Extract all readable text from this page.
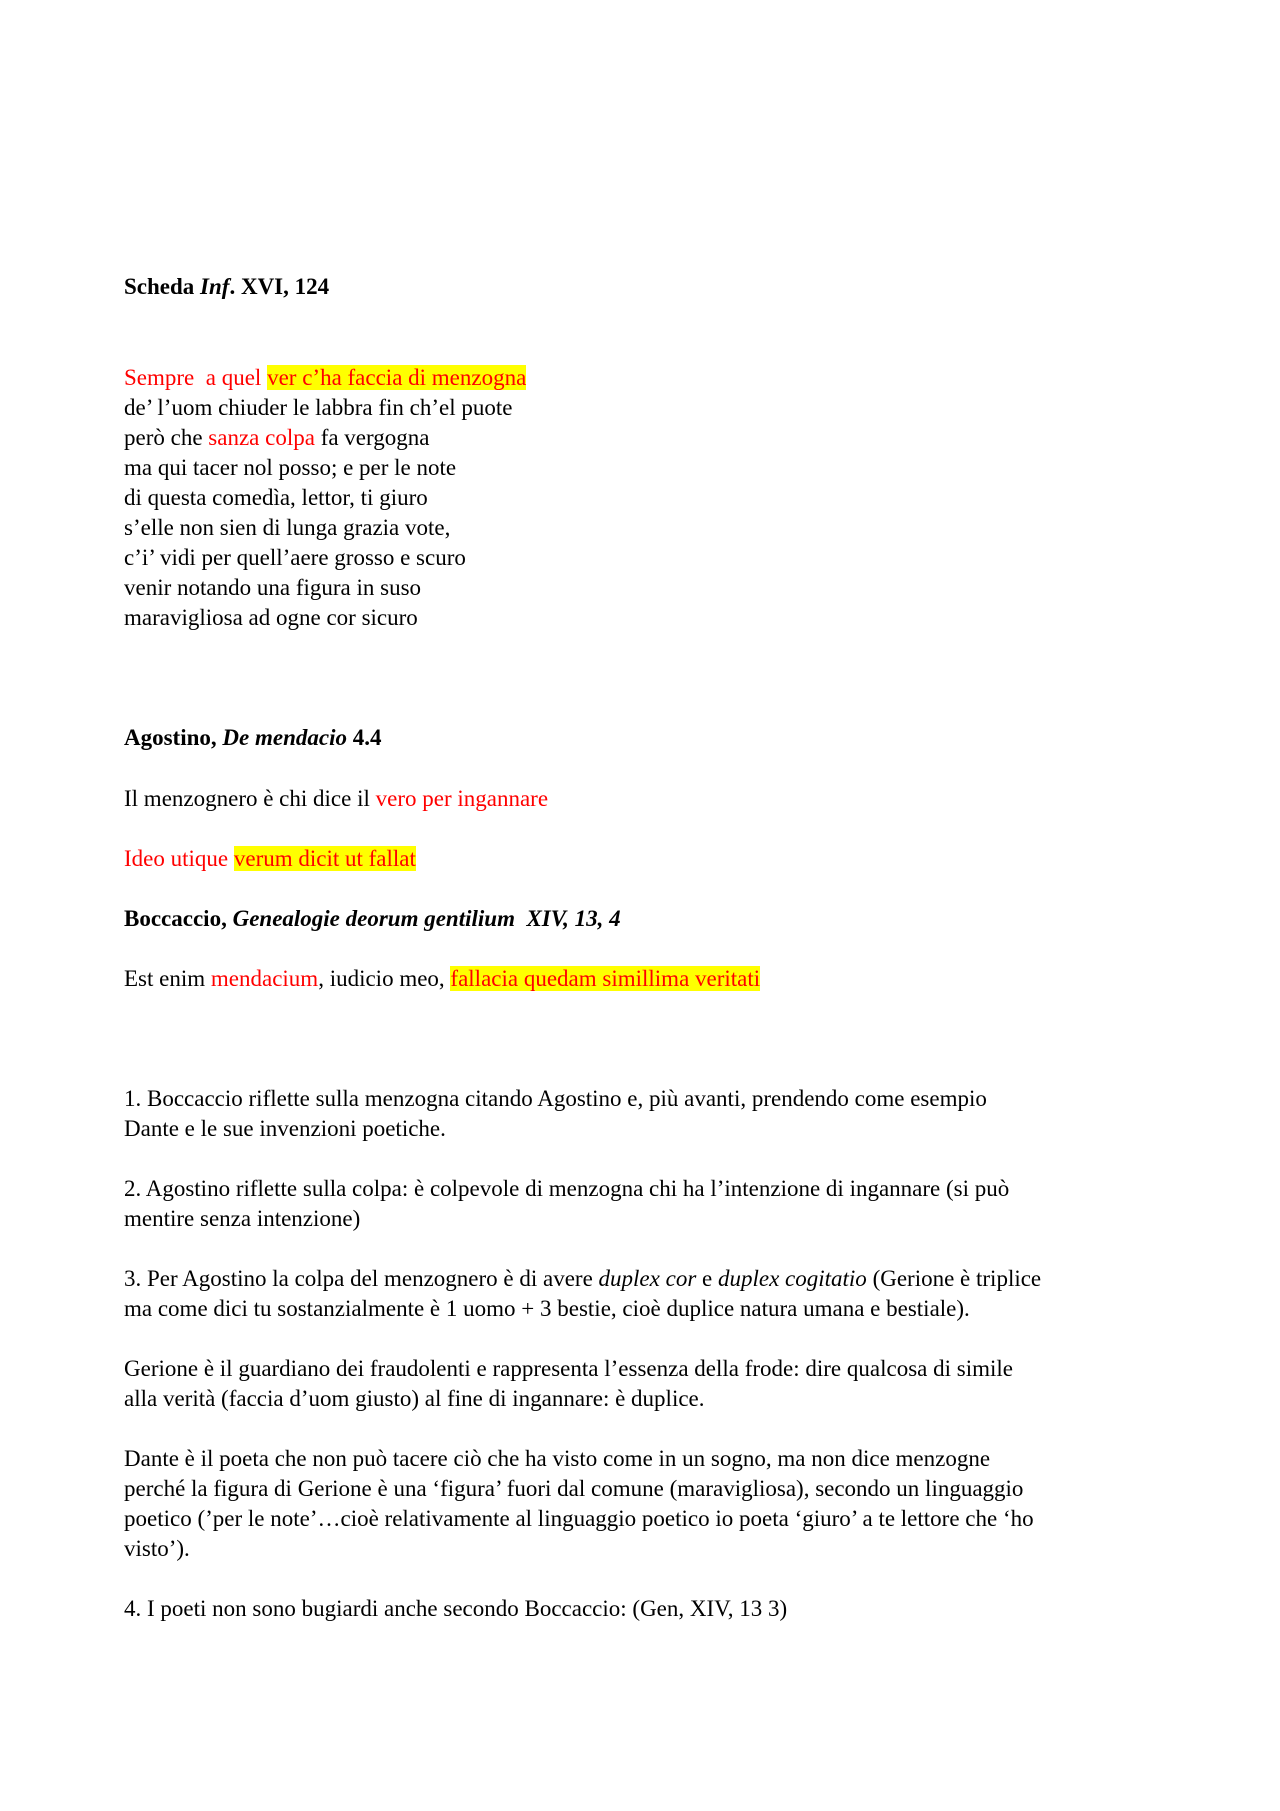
Scheda Inf. XVI, 124
Sempre  a quel ver c’ha faccia di menzogna
de’ l’uom chiuder le labbra fin ch’el puote
però che sanza colpa fa vergogna
ma qui tacer nol posso; e per le note
di questa comedìa, lettor, ti giuro
s’elle non sien di lunga grazia vote,
c’i’ vidi per quell’aere grosso e scuro
venir notando una figura in suso
maravigliosa ad ogne cor sicuro
Agostino, De mendacio 4.4
Il menzognero è chi dice il vero per ingannare
Ideo utique verum dicit ut fallat
Boccaccio, Genealogie deorum gentilium  XIV, 13, 4
Est enim mendacium, iudicio meo, fallacia quedam simillima veritati
1. Boccaccio riflette sulla menzogna citando Agostino e, più avanti, prendendo come esempio
Dante e le sue invenzioni poetiche.
2. Agostino riflette sulla colpa: è colpevole di menzogna chi ha l’intenzione di ingannare (si può
mentire senza intenzione)
3. Per Agostino la colpa del menzognero è di avere duplex cor e duplex cogitatio (Gerione è triplice
ma come dici tu sostanzialmente è 1 uomo + 3 bestie, cioè duplice natura umana e bestiale).
Gerione è il guardiano dei fraudolenti e rappresenta l’essenza della frode: dire qualcosa di simile
alla verità (faccia d’uom giusto) al fine di ingannare: è duplice.
Dante è il poeta che non può tacere ciò che ha visto come in un sogno, ma non dice menzogne
perché la figura di Gerione è una ‘figura’ fuori dal comune (maravigliosa), secondo un linguaggio
poetico (’per le note’…cioè relativamente al linguaggio poetico io poeta ‘giuro’ a te lettore che ‘ho
visto’).
4. I poeti non sono bugiardi anche secondo Boccaccio: (Gen, XIV, 13 3)
